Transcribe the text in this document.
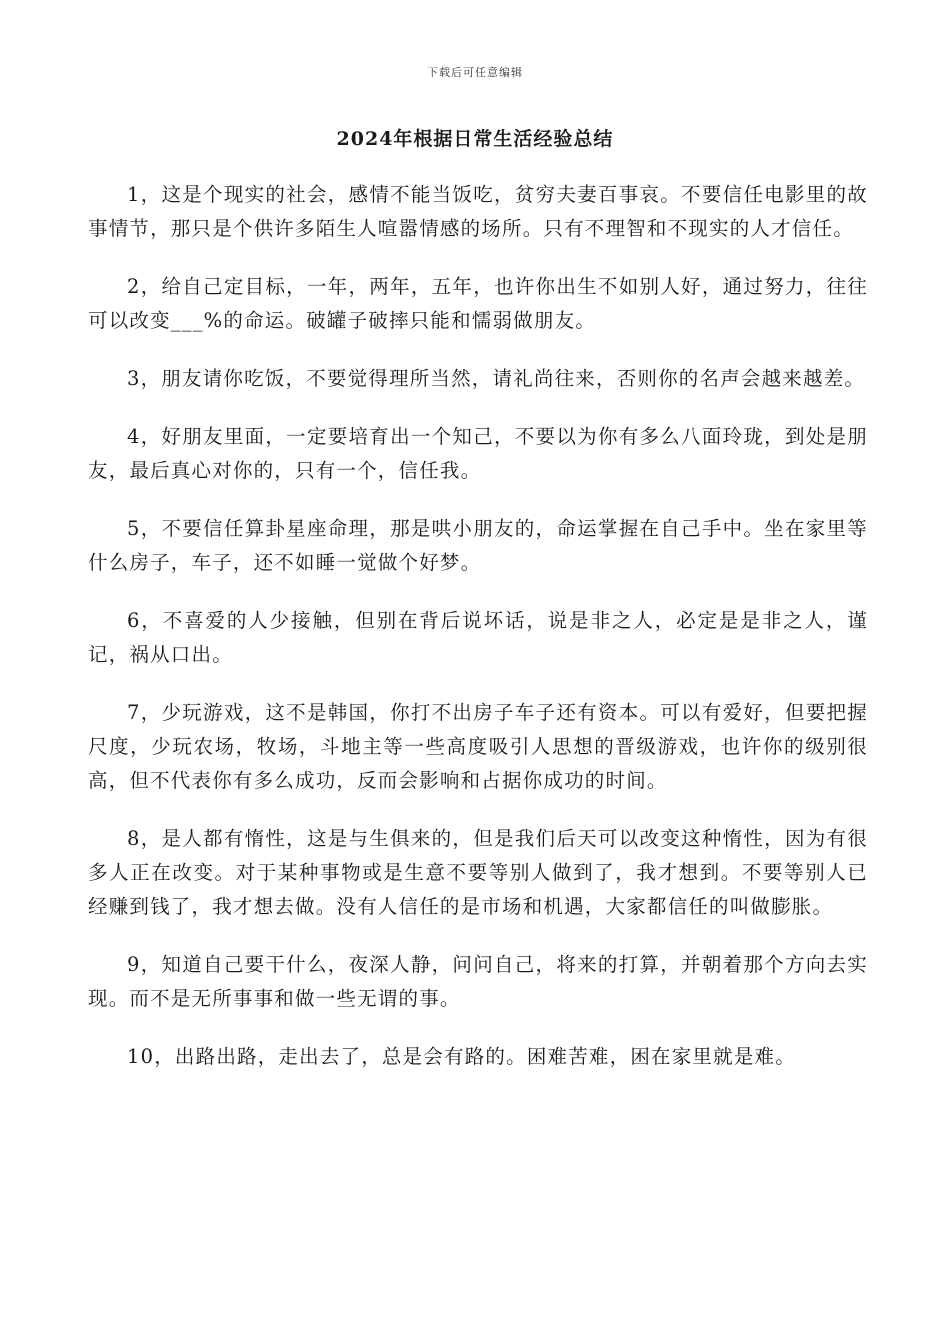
下载后可任意编辑
2024年根据日常生活经验总结

1，这是个现实的社会，感情不能当饭吃，贫穷夫妻百事哀。不要信任电影里的故事情节，那只是个供许多陌生人喧嚣情感的场所。只有不理智和不现实的人才信任。

2，给自己定目标，一年，两年，五年，也许你出生不如别人好，通过努力，往往可以改变___%的命运。破罐子破摔只能和懦弱做朋友。

3，朋友请你吃饭，不要觉得理所当然，请礼尚往来，否则你的名声会越来越差。

4，好朋友里面，一定要培育出一个知己，不要以为你有多么八面玲珑，到处是朋友，最后真心对你的，只有一个，信任我。

5，不要信任算卦星座命理，那是哄小朋友的，命运掌握在自己手中。坐在家里等什么房子，车子，还不如睡一觉做个好梦。

6，不喜爱的人少接触，但别在背后说坏话，说是非之人，必定是是非之人，谨记，祸从口出。

7，少玩游戏，这不是韩国，你打不出房子车子还有资本。可以有爱好，但要把握尺度，少玩农场，牧场，斗地主等一些高度吸引人思想的晋级游戏，也许你的级别很高，但不代表你有多么成功，反而会影响和占据你成功的时间。

8，是人都有惰性，这是与生俱来的，但是我们后天可以改变这种惰性，因为有很多人正在改变。对于某种事物或是生意不要等别人做到了，我才想到。不要等别人已经赚到钱了，我才想去做。没有人信任的是市场和机遇，大家都信任的叫做膨胀。

9，知道自己要干什么，夜深人静，问问自己，将来的打算，并朝着那个方向去实现。而不是无所事事和做一些无谓的事。

10，出路出路，走出去了，总是会有路的。困难苦难，困在家里就是难。
